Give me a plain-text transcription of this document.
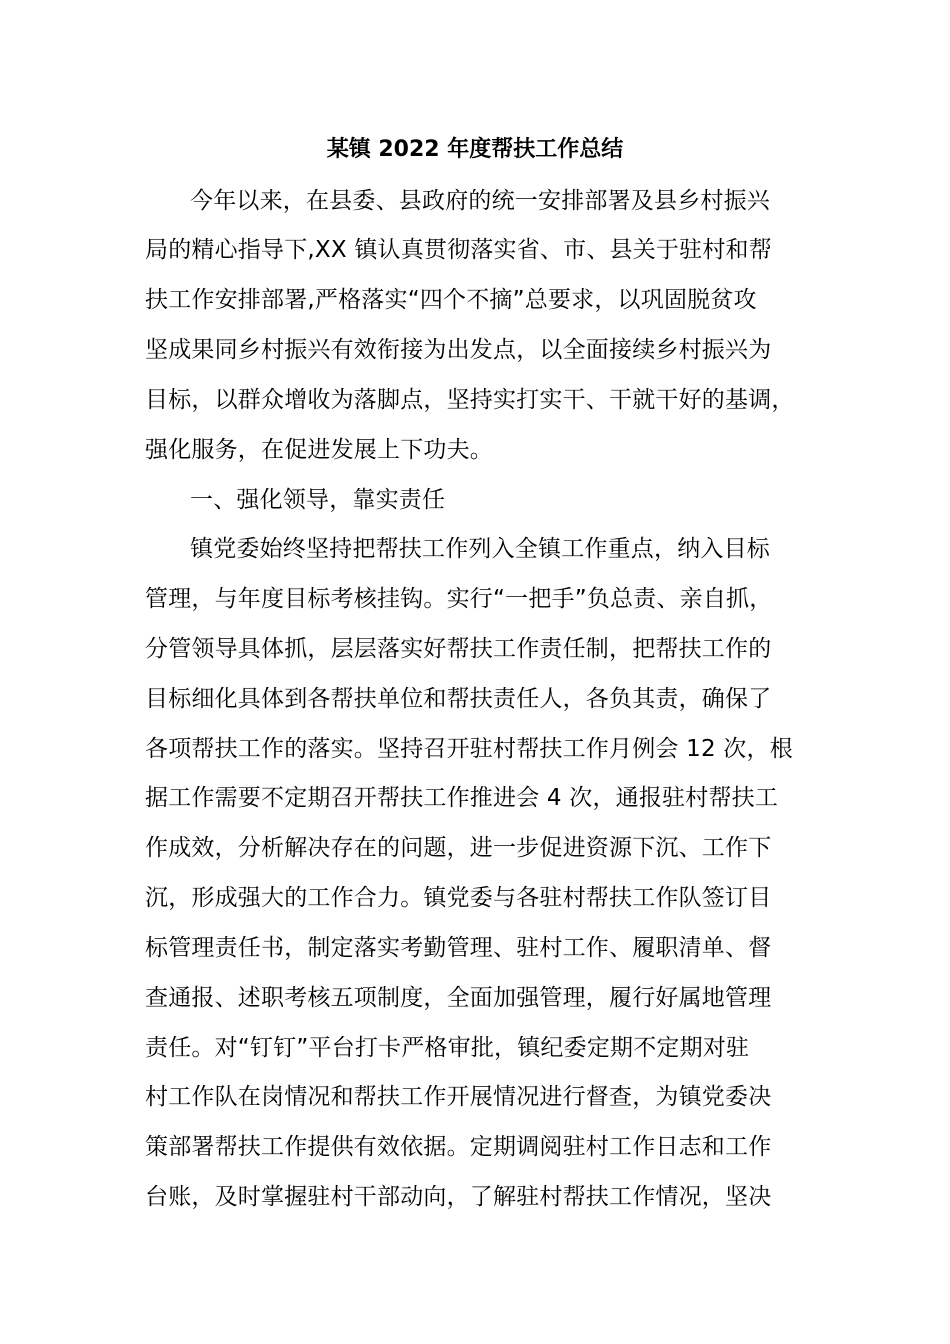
某镇 2022 年度帮扶工作总结
今年以来，在县委、县政府的统一安排部署及县乡村振兴
局的精心指导下,XX 镇认真贯彻落实省、市、县关于驻村和帮
扶工作安排部署,严格落实“四个不摘”总要求，以巩固脱贫攻
坚成果同乡村振兴有效衔接为出发点，以全面接续乡村振兴为
目标，以群众增收为落脚点，坚持实打实干、干就干好的基调，
强化服务，在促进发展上下功夫。
一、强化领导，靠实责任
镇党委始终坚持把帮扶工作列入全镇工作重点，纳入目标
管理，与年度目标考核挂钩。实行“一把手”负总责、亲自抓，
分管领导具体抓，层层落实好帮扶工作责任制，把帮扶工作的
目标细化具体到各帮扶单位和帮扶责任人，各负其责，确保了
各项帮扶工作的落实。坚持召开驻村帮扶工作月例会 12 次，根
据工作需要不定期召开帮扶工作推进会 4 次，通报驻村帮扶工
作成效，分析解决存在的问题，进一步促进资源下沉、工作下
沉，形成强大的工作合力。镇党委与各驻村帮扶工作队签订目
标管理责任书，制定落实考勤管理、驻村工作、履职清单、督
查通报、述职考核五项制度，全面加强管理，履行好属地管理
责任。对“钉钉”平台打卡严格审批，镇纪委定期不定期对驻
村工作队在岗情况和帮扶工作开展情况进行督查，为镇党委决
策部署帮扶工作提供有效依据。定期调阅驻村工作日志和工作
台账，及时掌握驻村干部动向，了解驻村帮扶工作情况，坚决
